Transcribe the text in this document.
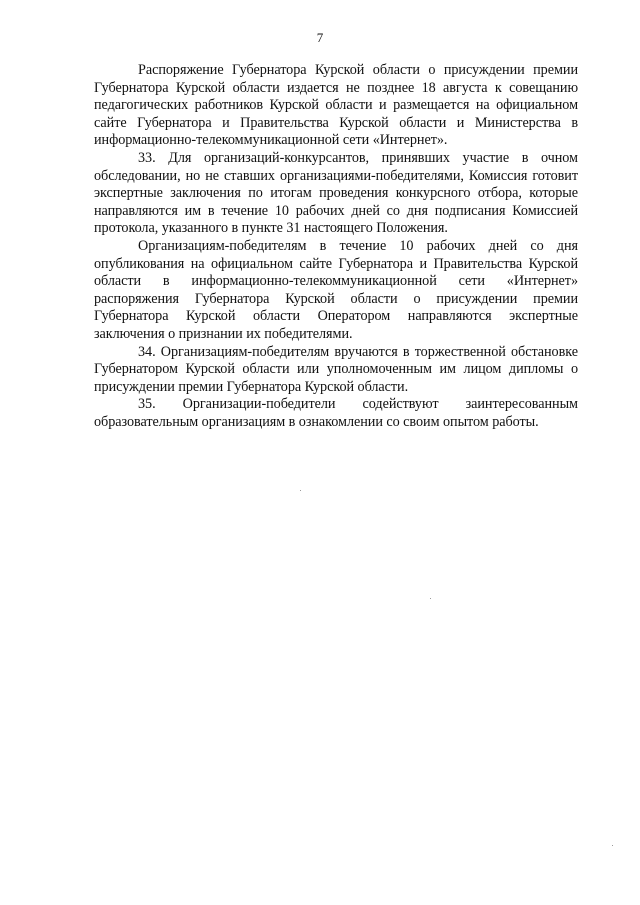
7

Распоряжение Губернатора Курской области о присуждении премии Губернатора Курской области издается не позднее 18 августа к совещанию педагогических работников Курской области и размещается на официальном сайте Губернатора и Правительства Курской области и Министерства в информационно-телекоммуникационной сети «Интернет».

33. Для организаций-конкурсантов, принявших участие в очном обследовании, но не ставших организациями-победителями, Комиссия готовит экспертные заключения по итогам проведения конкурсного отбора, которые направляются им в течение 10 рабочих дней со дня подписания Комиссией протокола, указанного в пункте 31 настоящего Положения.

Организациям-победителям в течение 10 рабочих дней со дня опубликования на официальном сайте Губернатора и Правительства Курской области в информационно-телекоммуникационной сети «Интернет» распоряжения Губернатора Курской области о присуждении премии Губернатора Курской области Оператором направляются экспертные заключения о признании их победителями.

34. Организациям-победителям вручаются в торжественной обстановке Губернатором Курской области или уполномоченным им лицом дипломы о присуждении премии Губернатора Курской области.

35. Организации-победители содействуют заинтересованным образовательным организациям в ознакомлении со своим опытом работы.
